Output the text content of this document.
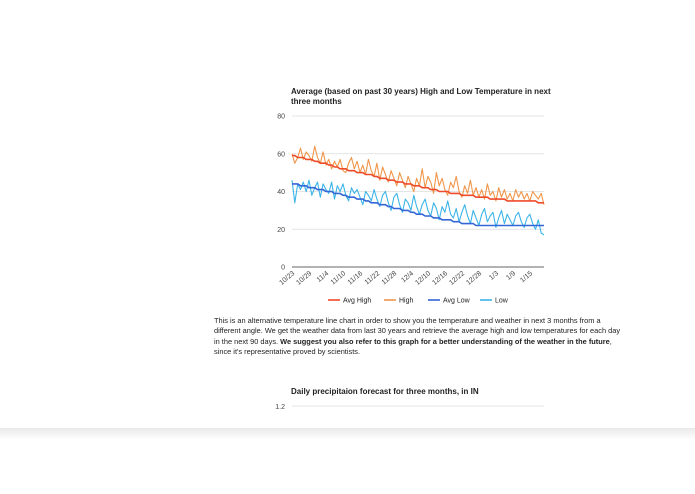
Average (based on past 30 years) High and Low Temperature in next three months
0
20
40
60
80
10/23 10/29 11/4 11/10 11/16 11/22 11/28 12/4 12/10 12/16 12/22 12/28 1/3 1/9 1/15
Avg High	High	Avg Low	Low
1.2
This is an alternative temperature line chart in order to show you the temperature and weather in next 3 months from a different angle. We get the weather data from last 30 years and retrieve the average high and low temperatures for each day in the next 90 days. We suggest you also refer to this graph for a better understanding of the weather in the future, since it's representative proved by scientists.
Daily precipitaion forecast for three months, in IN
